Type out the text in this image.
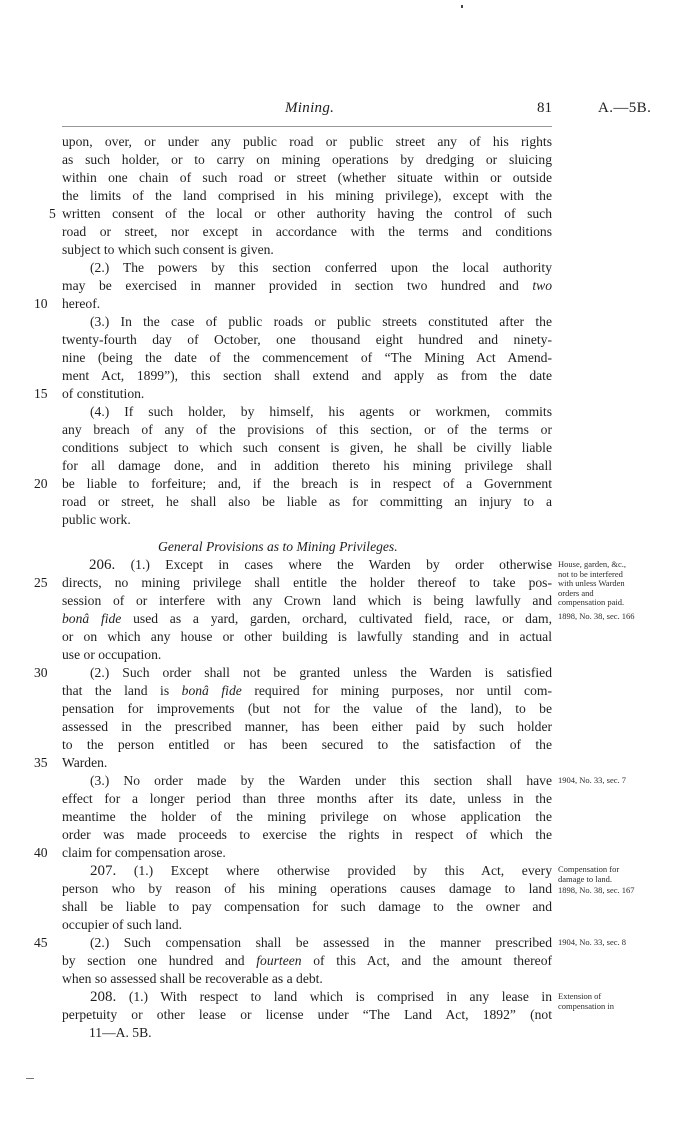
Mining.	81	A.—5B.
upon, over, or under any public road or public street any of his rights
as such holder, or to carry on mining operations by dredging or sluicing
within one chain of such road or street (whether situate within or outside
the limits of the land comprised in his mining privilege), except with the
written consent of the local or other authority having the control of such
road or street, nor except in accordance with the terms and conditions
subject to which such consent is given.
(2.) The powers by this section conferred upon the local authority
may be exercised in manner provided in section two hundred and two
hereof.
(3.) In the case of public roads or public streets constituted after the
twenty-fourth day of October, one thousand eight hundred and ninety-
nine (being the date of the commencement of “The Mining Act Amend-
ment Act, 1899”), this section shall extend and apply as from the date
of constitution.
(4.) If such holder, by himself, his agents or workmen, commits
any breach of any of the provisions of this section, or of the terms or
conditions subject to which such consent is given, he shall be civilly liable
for all damage done, and in addition thereto his mining privilege shall
be liable to forfeiture; and, if the breach is in respect of a Government
road or street, he shall also be liable as for committing an injury to a
public work.
General Provisions as to Mining Privileges.
206. (1.) Except in cases where the Warden by order otherwise
directs, no mining privilege shall entitle the holder thereof to take pos-
session of or interfere with any Crown land which is being lawfully and
bonâ fide used as a yard, garden, orchard, cultivated field, race, or dam,
or on which any house or other building is lawfully standing and in actual
use or occupation.
(2.) Such order shall not be granted unless the Warden is satisfied
that the land is bonâ fide required for mining purposes, nor until com-
pensation for improvements (but not for the value of the land), to be
assessed in the prescribed manner, has been either paid by such holder
to the person entitled or has been secured to the satisfaction of the
Warden.
(3.) No order made by the Warden under this section shall have
effect for a longer period than three months after its date, unless in the
meantime the holder of the mining privilege on whose application the
order was made proceeds to exercise the rights in respect of which the
claim for compensation arose.
207. (1.) Except where otherwise provided by this Act, every
person who by reason of his mining operations causes damage to land
shall be liable to pay compensation for such damage to the owner and
occupier of such land.
(2.) Such compensation shall be assessed in the manner prescribed
by section one hundred and fourteen of this Act, and the amount thereof
when so assessed shall be recoverable as a debt.
208. (1.) With respect to land which is comprised in any lease in
perpetuity or other lease or license under “The Land Act, 1892” (not
11—A. 5B.
5
10
15
20
25
30
35
40
45
House, garden, &c.,
not to be interfered
with unless Warden
orders and
compensation paid.
1898, No. 38, sec. 166
1904, No. 33, sec. 7
Compensation for
damage to land.
1898, No. 38, sec. 167
1904, No. 33, sec. 8
Extension of
compensation in
